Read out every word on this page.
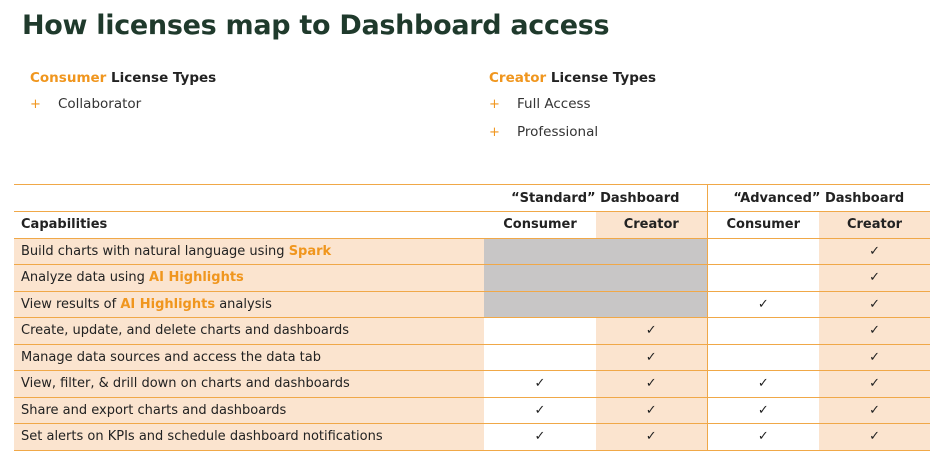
How licenses map to Dashboard access
Consumer License Types
+ Collaborator
Creator License Types
+ Full Access
+ Professional
	“Standard” Dashboard		“Advanced” Dashboard	
Capabilities	Consumer	Creator	Consumer	Creator
Build charts with natural language using Spark				✓
Analyze data using AI Highlights				✓
View results of AI Highlights analysis			✓	✓
Create, update, and delete charts and dashboards		✓		✓
Manage data sources and access the data tab		✓		✓
View, filter, & drill down on charts and dashboards	✓	✓	✓	✓
Share and export charts and dashboards	✓	✓	✓	✓
Set alerts on KPIs and schedule dashboard notifications	✓	✓	✓	✓
